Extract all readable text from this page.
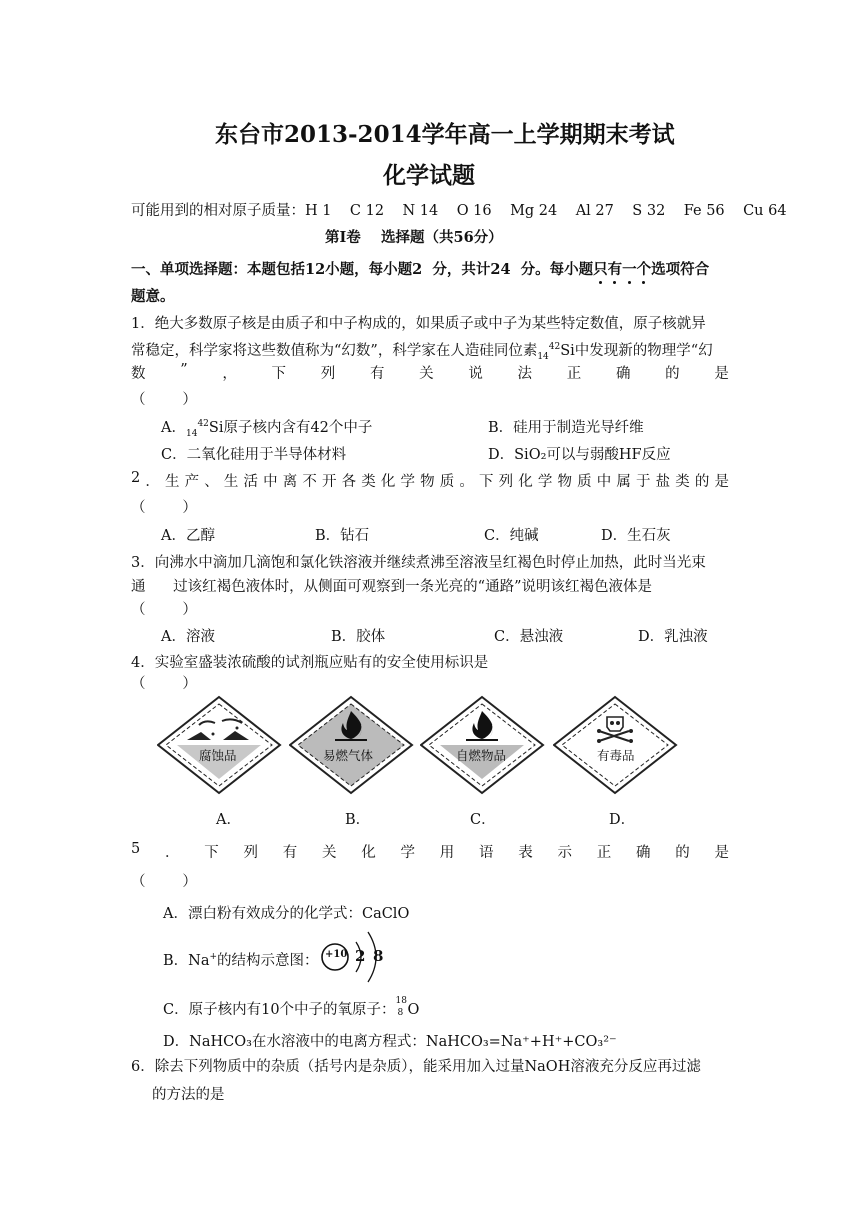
东台市2013-2014学年高一上学期期末考试
化学试题
可能用到的相对原子质量：H 1    C 12    N 14    O 16    Mg 24    Al 27    S 32    Fe 56    Cu 64
第Ⅰ卷    选择题（共56分）
一、单项选择题：本题包括12小题，每小题2  分，共计24  分。每小题只有一个选项符合
题意。
1．绝大多数原子核是由质子和中子构成的，如果质子或中子为某些特定数值，原子核就异
常稳定，科学家将这些数值称为“幻数”，科学家在人造硅同位素$_{14}^{42}$Si中发现新的物理学“幻
数 ” ， 下 列 有 关 说 法 正 确 的 是
（        ）
A．$_{14}^{42}$Si原子核内含有42个中子	B．硅用于制造光导纤维
C．二氧化硅用于半导体材料	D．SiO₂可以与弱酸HF反应
2 ． 生 产 、 生 活 中 离 不 开 各 类 化 学 物 质 。 下 列 化 学 物 质 中 属 于 盐 类 的 是
（        ）
A．乙醇	B．钻石	C．纯碱	D．生石灰
3．向沸水中滴加几滴饱和氯化铁溶液并继续煮沸至溶液呈红褐色时停止加热，此时当光束
通      过该红褐色液体时，从侧面可观察到一条光亮的“通路”说明该红褐色液体是
（        ）
A．溶液	B．胶体	C．悬浊液	D．乳浊液
4．实验室盛装浓硫酸的试剂瓶应贴有的安全使用标识是
（        ）
腐蚀品
A．
易燃气体
B．
自燃物品
C．
有毒品
D．
5 ． 下 列 有 关 化 学 用 语 表 示 正 确 的 是
（        ）
A．漂白粉有效成分的化学式：CaClO
B．Na+的结构示意图： +10 2 8
C．原子核内有10个中子的氧原子：
18
8 O
D．NaHCO₃在水溶液中的电离方程式：NaHCO₃=Na⁺+H⁺+CO₃²⁻
6．除去下列物质中的杂质（括号内是杂质），能采用加入过量NaOH溶液充分反应再过滤
的方法的是
